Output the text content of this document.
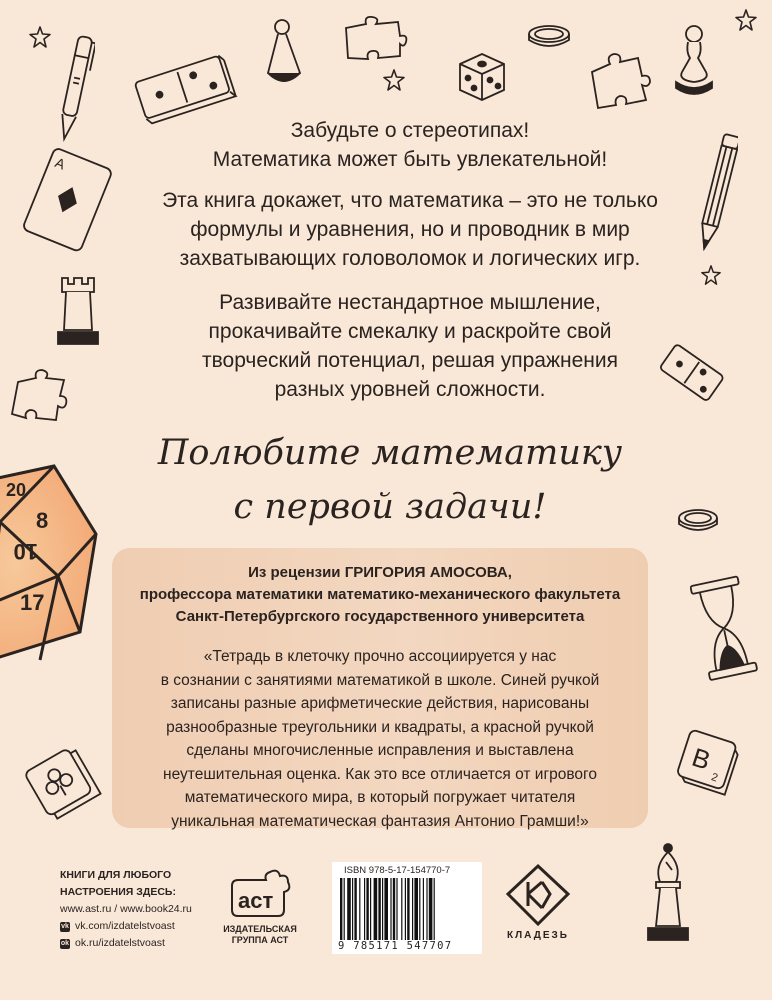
A
В
2
20
8
10
17

Забудьте о стереотипах!

Математика может быть увлекательной!

Эта книга докажет, что математика – это не только

формулы и уравнения, но и проводник в мир

захватывающих головоломок и логических игр.

Развивайте нестандартное мышление,

прокачивайте смекалку и раскройте свой

творческий потенциал, решая упражнения

разных уровней сложности.

Полюбите математику
с первой задачи!
Из рецензии ГРИГОРИЯ АМОСОВА,
профессора математики математико-механического факультета
Санкт-Петербургского государственного университета
«Тетрадь в клеточку прочно ассоциируется у нас
в сознании с занятиями математикой в школе. Синей ручкой
записаны разные арифметические действия, нарисованы
разнообразные треугольники и квадраты, а красной ручкой
сделаны многочисленные исправления и выставлена
неутешительная оценка. Как это все отличается от игрового
математического мира, в который погружает читателя
уникальная математическая фантазия Антонио Грамши!»
КНИГИ ДЛЯ ЛЮБОГО
НАСТРОЕНИЯ ЗДЕСЬ:
www.ast.ru / www.book24.ru
vk vk.com/izdatelstvoast
ok ok.ru/izdatelstvoast
аст
ИЗДАТЕЛЬСКАЯ
ГРУППА АСТ
ISBN 978-5-17-154770-7
9 785171 547707
КЛАДЕЗЬ
